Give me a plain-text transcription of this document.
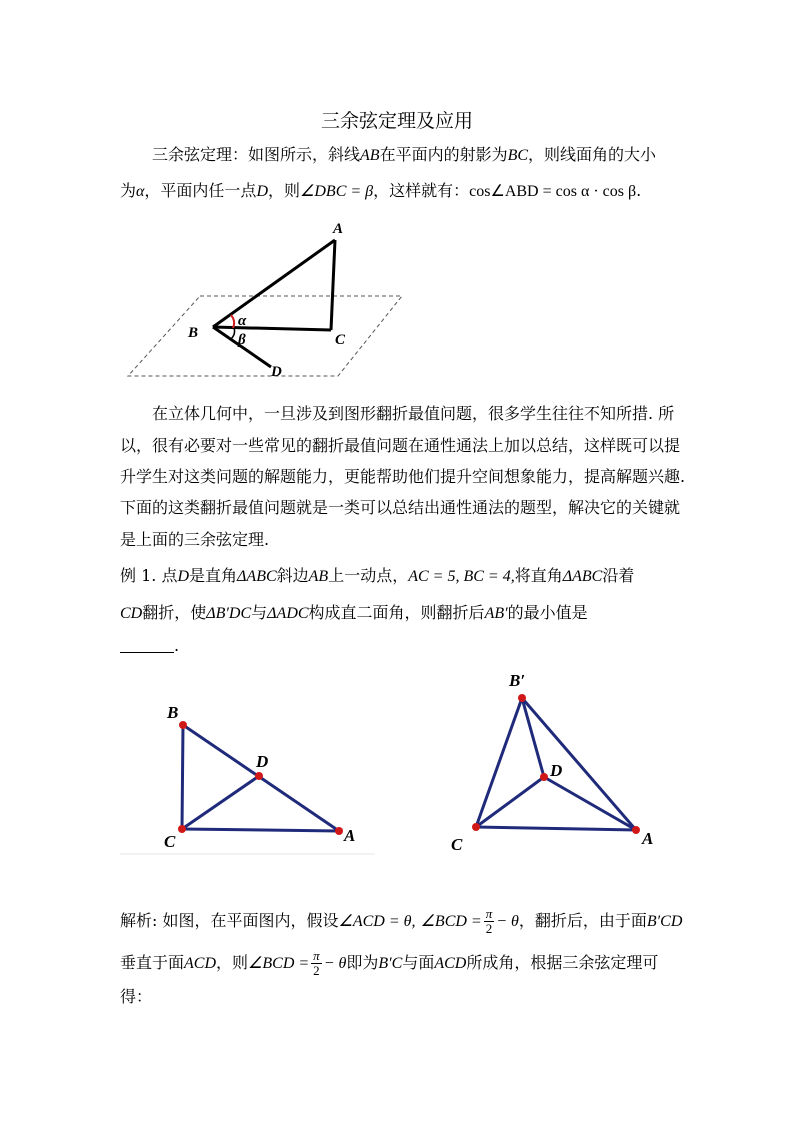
三余弦定理及应用
三余弦定理：如图所示，斜线AB在平面内的射影为BC，则线面角的大小
为α，平面内任一点D，则∠DBC = β，这样就有：cos∠ABD = cos α · cos β.
A
B	C
D
α
β
在立体几何中，一旦涉及到图形翻折最值问题，很多学生往往不知所措. 所
以，很有必要对一些常见的翻折最值问题在通性通法上加以总结，这样既可以提
升学生对这类问题的解题能力，更能帮助他们提升空间想象能力，提高解题兴趣.
下面的这类翻折最值问题就是一类可以总结出通性通法的题型，解决它的关键就
是上面的三余弦定理.
例 1. 点D是直角ΔABC斜边AB上一动点，AC = 5, BC = 4,将直角ΔABC沿着
CD翻折，使ΔB′DC与ΔADC构成直二面角，则翻折后AB′的最小值是
.
B
C	A
D
B′
C	A
D
解析: 如图，在平面图内，假设∠ACD = θ, ∠BCD = $\frac{\pi}{2} - \theta$，翻折后，由于面B′CD
垂直于面ACD，则∠BCD = $\frac{\pi}{2} - \theta$即为B′C与面ACD所成角，根据三余弦定理可
得：
